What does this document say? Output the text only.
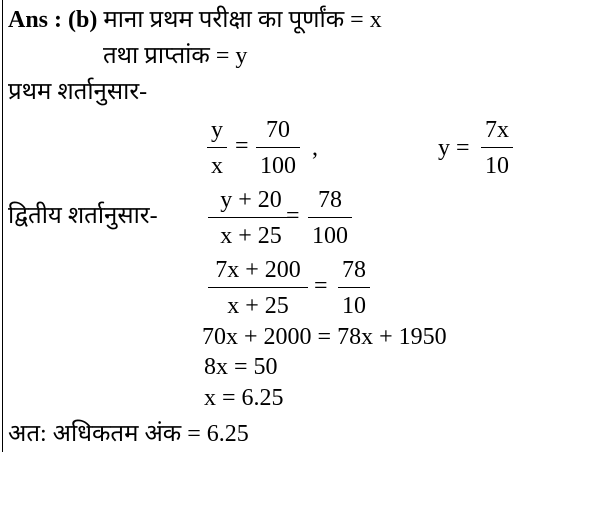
Ans : (b) माना प्रथम परीक्षा का पूर्णांक = x
तथा प्राप्तांक = y
प्रथम शर्तानुसार-
y
x
=
70
100
,	y =
7x
10
द्वितीय शर्तानुसार-
y + 20
x + 25
=
78
100
7x + 200
x + 25
=
78
10
70x + 2000 = 78x + 1950
8x = 50
x = 6.25
अत: अधिकतम अंक = 6.25
